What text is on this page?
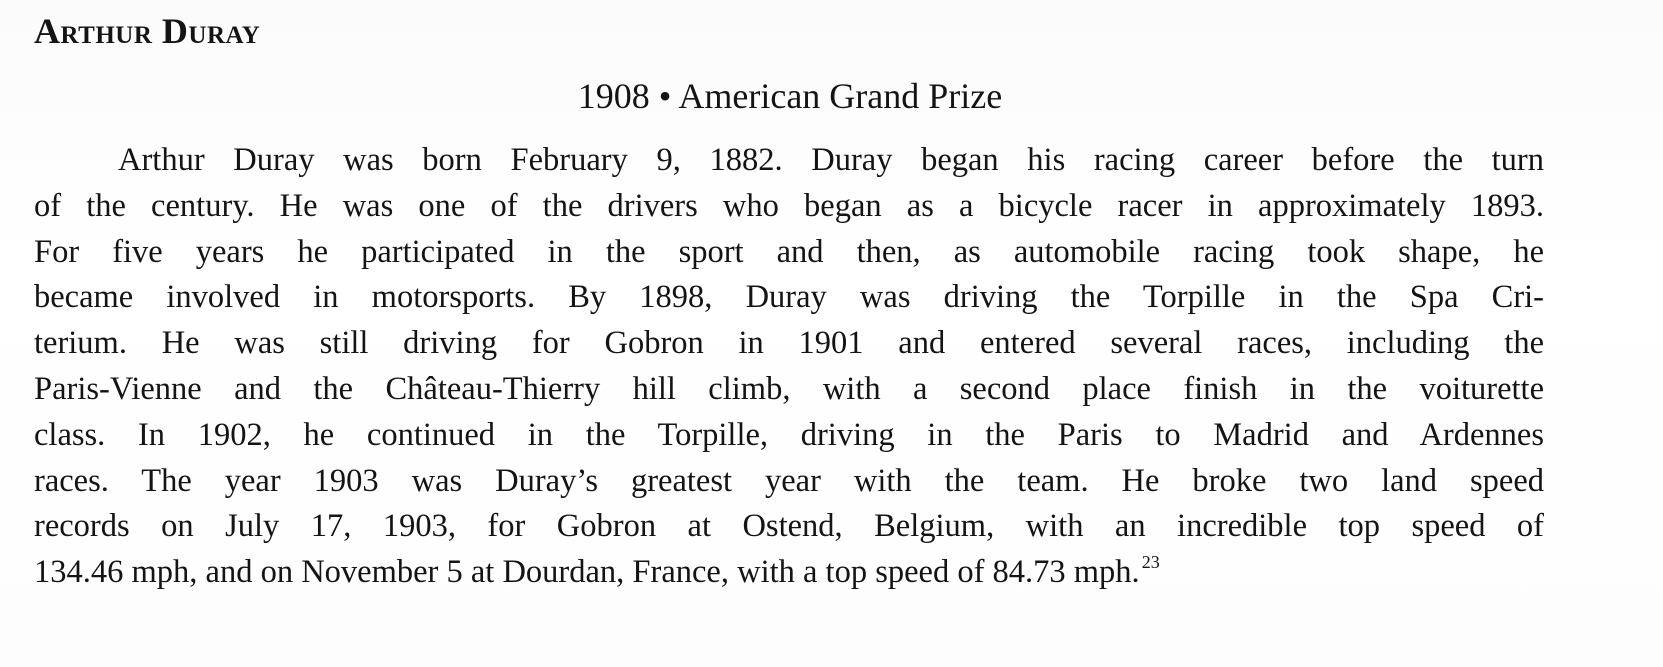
Arthur Duray
1908 • American Grand Prize
Arthur Duray was born February 9, 1882. Duray began his racing career before the turn
of the century. He was one of the drivers who began as a bicycle racer in approximately 1893.
For five years he participated in the sport and then, as automobile racing took shape, he
became involved in motorsports. By 1898, Duray was driving the Torpille in the Spa Cri-
terium. He was still driving for Gobron in 1901 and entered several races, including the
Paris-Vienne and the Château-Thierry hill climb, with a second place finish in the voiturette
class. In 1902, he continued in the Torpille, driving in the Paris to Madrid and Ardennes
races. The year 1903 was Duray’s greatest year with the team. He broke two land speed
records on July 17, 1903, for Gobron at Ostend, Belgium, with an incredible top speed of
134.46 mph, and on November 5 at Dourdan, France, with a top speed of 84.73 mph. $^{23}$
